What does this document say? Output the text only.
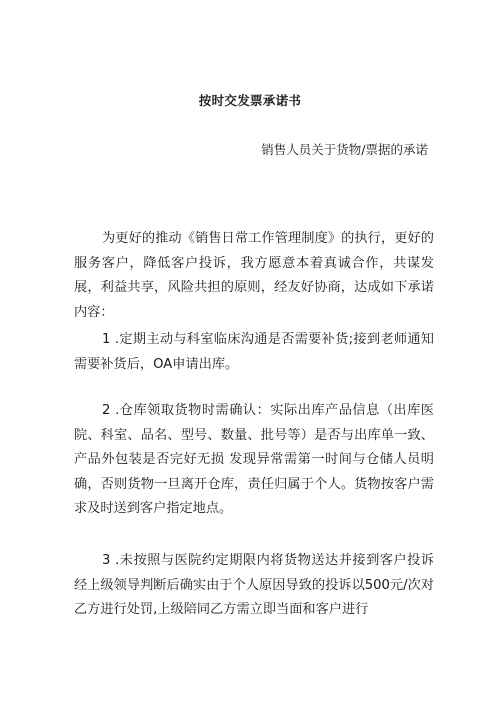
按时交发票承诺书
销售人员关于货物/票据的承诺

为更好的推动《销售日常工作管理制度》的执行，更好的服务客户，降低客户投诉，我方愿意本着真诚合作，共谋发展，利益共享，风险共担的原则，经友好协商，达成如下承诺内容：

1 .定期主动与科室临床沟通是否需要补货;接到老师通知需要补货后，OA申请出库。

2 .仓库领取货物时需确认：实际出库产品信息（出库医院、科室、品名、型号、数量、批号等）是否与出库单一致、产品外包装是否完好无损 发现异常需第一时间与仓储人员明确，否则货物一旦离开仓库，责任归属于个人。货物按客户需求及时送到客户指定地点。

3 .未按照与医院约定期限内将货物送达并接到客户投诉经上级领导判断后确实由于个人原因导致的投诉以500元/次对乙方进行处罚,上级陪同乙方需立即当面和客户进行
